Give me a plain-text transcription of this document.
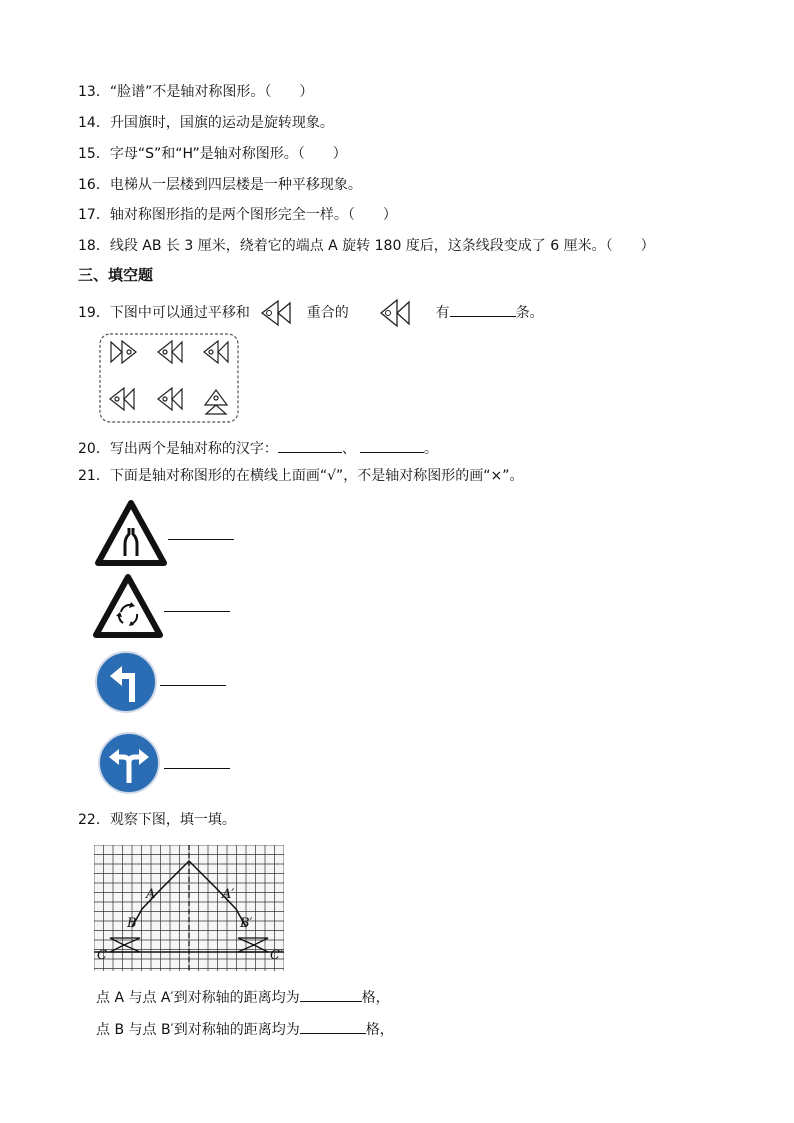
13．“脸谱”不是轴对称图形。（　　）
14．升国旗时，国旗的运动是旋转现象。
15．字母“S”和“H”是轴对称图形。（　　）
16．电梯从一层楼到四层楼是一种平移现象。
17．轴对称图形指的是两个图形完全一样。（　　）
18．线段 AB 长 3 厘米，绕着它的端点 A 旋转 180 度后，这条线段变成了 6 厘米。（　　）
三、填空题
19．下图中可以通过平移和	重合的	有	条。
20．写出两个是轴对称的汉字：	、	。
21．下面是轴对称图形的在横线上面画“√”，不是轴对称图形的画“×”。
22．观察下图，填一填。
A	A′
B	B′
C	C′
点 A 与点 A′到对称轴的距离均为	格，
点 B 与点 B′到对称轴的距离均为	格，
